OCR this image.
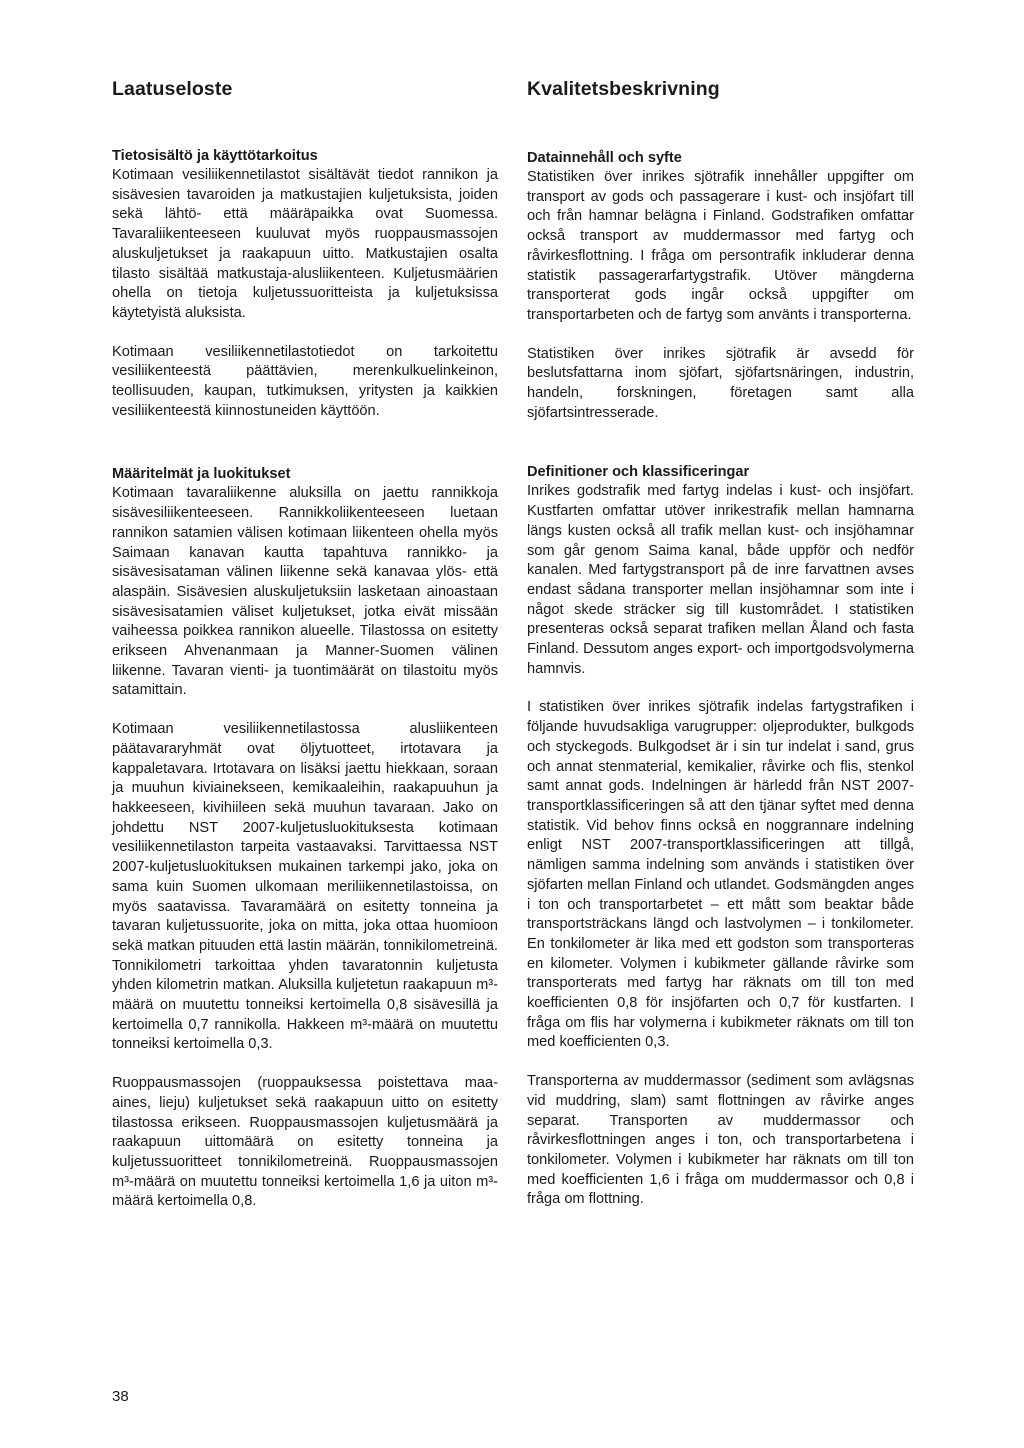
Laatuseloste
Tietosisältö ja käyttötarkoitus

Kotimaan vesiliikennetilastot sisältävät tiedot rannikon ja sisävesien tavaroiden ja matkustajien kuljetuksista, joiden sekä lähtö- että määräpaikka ovat Suomessa. Tavaraliikenteeseen kuuluvat myös ruoppausmassojen aluskuljetukset ja raakapuun uitto. Matkustajien osalta tilasto sisältää matkustaja-alusliikenteen. Kuljetusmäärien ohella on tietoja kuljetussuoritteista ja kuljetuksissa käytetyistä aluksista.

Kotimaan vesiliikennetilastotiedot on tarkoitettu vesiliikenteestä päättävien, merenkulkuelinkeinon, teollisuuden, kaupan, tutkimuksen, yritysten ja kaikkien vesiliikenteestä kiinnostuneiden käyttöön.

Määritelmät ja luokitukset

Kotimaan tavaraliikenne aluksilla on jaettu rannikkoja sisävesiliikenteeseen. Rannikkoliikenteeseen luetaan rannikon satamien välisen kotimaan liikenteen ohella myös Saimaan kanavan kautta tapahtuva rannikko- ja sisävesisataman välinen liikenne sekä kanavaa ylös- että alaspäin. Sisävesien aluskuljetuksiin lasketaan ainoastaan sisävesisatamien väliset kuljetukset, jotka eivät missään vaiheessa poikkea rannikon alueelle. Tilastossa on esitetty erikseen Ahvenanmaan ja Manner-Suomen välinen liikenne. Tavaran vienti- ja tuontimäärät on tilastoitu myös satamittain.

Kotimaan vesiliikennetilastossa alusliikenteen päätavararyhmät ovat öljytuotteet, irtotavara ja kappaletavara. Irtotavara on lisäksi jaettu hiekkaan, soraan ja muuhun kiviainekseen, kemikaaleihin, raakapuuhun ja hakkeeseen, kivihiileen sekä muuhun tavaraan. Jako on johdettu NST 2007-kuljetusluokituksesta kotimaan vesiliikennetilaston tarpeita vastaavaksi. Tarvittaessa NST 2007-kuljetusluokituksen mukainen tarkempi jako, joka on sama kuin Suomen ulkomaan meriliikennetilastoissa, on myös saatavissa. Tavaramäärä on esitetty tonneina ja tavaran kuljetussuorite, joka on mitta, joka ottaa huomioon sekä matkan pituuden että lastin määrän, tonnikilometreinä. Tonnikilometri tarkoittaa yhden tavaratonnin kuljetusta yhden kilometrin matkan. Aluksilla kuljetetun raakapuun m³-määrä on muutettu tonneiksi kertoimella 0,8 sisävesillä ja kertoimella 0,7 rannikolla. Hakkeen m³-määrä on muutettu tonneiksi kertoimella 0,3.

Ruoppausmassojen (ruoppauksessa poistettava maa-aines, lieju) kuljetukset sekä raakapuun uitto on esitetty tilastossa erikseen. Ruoppausmassojen kuljetusmäärä ja raakapuun uittomäärä on esitetty tonneina ja kuljetussuoritteet tonnikilometreinä. Ruoppausmassojen m³-määrä on muutettu tonneiksi kertoimella 1,6 ja uiton m³-määrä kertoimella 0,8.

Kvalitetsbeskrivning
Datainnehåll och syfte

Statistiken över inrikes sjötrafik innehåller uppgifter om transport av gods och passagerare i kust- och insjöfart till och från hamnar belägna i Finland. Godstrafiken omfattar också transport av muddermassor med fartyg och råvirkesflottning. I fråga om persontrafik inkluderar denna statistik passagerarfartygstrafik. Utöver mängderna transporterat gods ingår också uppgifter om transportarbeten och de fartyg som använts i transporterna.

Statistiken över inrikes sjötrafik är avsedd för beslutsfattarna inom sjöfart, sjöfartsnäringen, industrin, handeln, forskningen, företagen samt alla sjöfartsintresserade.

Definitioner och klassificeringar

Inrikes godstrafik med fartyg indelas i kust- och insjöfart. Kustfarten omfattar utöver inrikestrafik mellan hamnarna längs kusten också all trafik mellan kust- och insjöhamnar som går genom Saima kanal, både uppför och nedför kanalen. Med fartygstransport på de inre farvattnen avses endast sådana transporter mellan insjöhamnar som inte i något skede sträcker sig till kustområdet. I statistiken presenteras också separat trafiken mellan Åland och fasta Finland. Dessutom anges export- och importgodsvolymerna hamnvis.

I statistiken över inrikes sjötrafik indelas fartygstrafiken i följande huvudsakliga varugrupper: oljeprodukter, bulkgods och styckegods. Bulkgodset är i sin tur indelat i sand, grus och annat stenmaterial, kemikalier, råvirke och flis, stenkol samt annat gods. Indelningen är härledd från NST 2007-transportklassificeringen så att den tjänar syftet med denna statistik. Vid behov finns också en noggrannare indelning enligt NST 2007-transportklassificeringen att tillgå, nämligen samma indelning som används i statistiken över sjöfarten mellan Finland och utlandet. Godsmängden anges i ton och transportarbetet – ett mått som beaktar både transportsträckans längd och lastvolymen – i tonkilometer. En tonkilometer är lika med ett godston som transporteras en kilometer. Volymen i kubikmeter gällande råvirke som transporterats med fartyg har räknats om till ton med koefficienten 0,8 för insjöfarten och 0,7 för kustfarten. I fråga om flis har volymerna i kubikmeter räknats om till ton med koefficienten 0,3.

Transporterna av muddermassor (sediment som avlägsnas vid muddring, slam) samt flottningen av råvirke anges separat. Transporten av muddermassor och råvirkesflottningen anges i ton, och transportarbetena i tonkilometer. Volymen i kubikmeter har räknats om till ton med koefficienten 1,6 i fråga om muddermassor och 0,8 i fråga om flottning.

38
